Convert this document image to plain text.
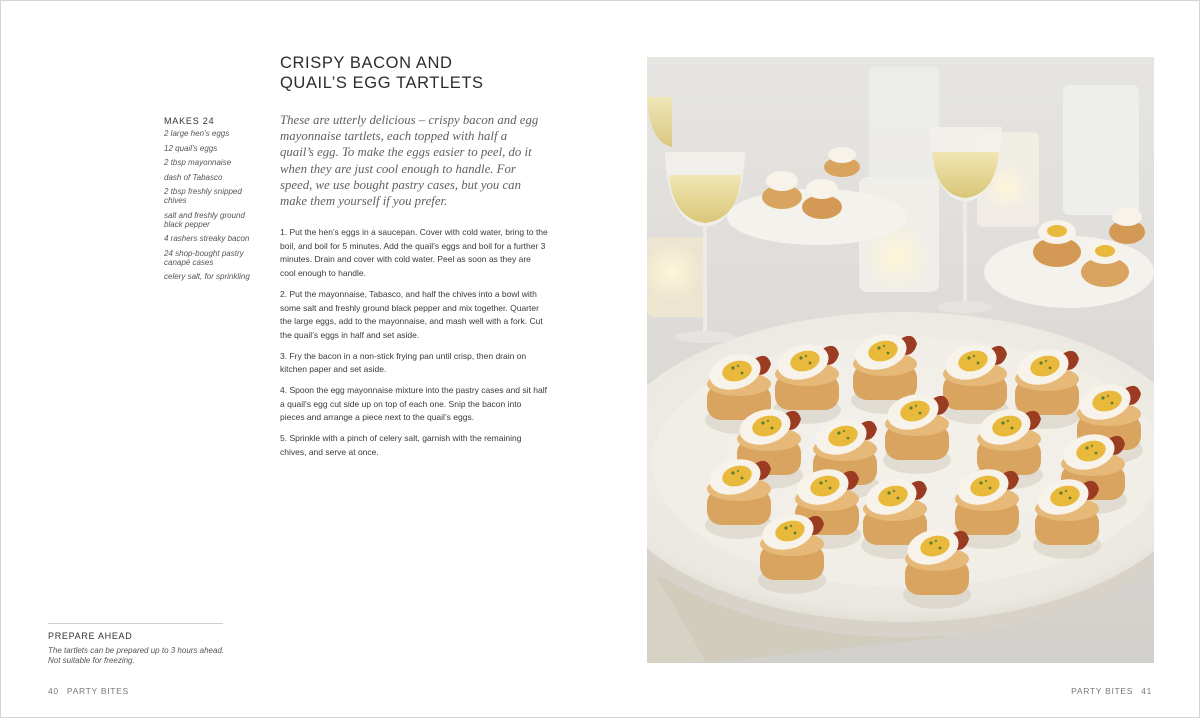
CRISPY BACON AND
QUAIL’S EGG TARTLETS
MAKES 24
2 large hen’s eggs
12 quail’s eggs
2 tbsp mayonnaise
dash of Tabasco
2 tbsp freshly snipped chives
salt and freshly ground black pepper
4 rashers streaky bacon
24 shop-bought pastry canapé cases
celery salt, for sprinkling

These are utterly delicious – crispy bacon and egg mayonnaise tartlets, each topped with half a quail’s egg. To make the eggs easier to peel, do it when they are just cool enough to handle. For speed, we use bought pastry cases, but you can make them yourself if you prefer.

1. Put the hen’s eggs in a saucepan. Cover with cold water, bring to the boil, and boil for 5 minutes. Add the quail’s eggs and boil for a further 3 minutes. Drain and cover with cold water. Peel as soon as they are cool enough to handle.

2. Put the mayonnaise, Tabasco, and half the chives into a bowl with some salt and freshly ground black pepper and mix together. Quarter the large eggs, add to the mayonnaise, and mash well with a fork. Cut the quail’s eggs in half and set aside.

3. Fry the bacon in a non-stick frying pan until crisp, then drain on kitchen paper and set aside.

4. Spoon the egg mayonnaise mixture into the pastry cases and sit half a quail’s egg cut side up on top of each one. Snip the bacon into pieces and arrange a piece next to the quail’s eggs.

5. Sprinkle with a pinch of celery salt, garnish with the remaining chives, and serve at once.

PREPARE AHEAD
The tartlets can be prepared up to 3 hours ahead. Not suitable for freezing.
40 PARTY BITES	PARTY BITES 41
